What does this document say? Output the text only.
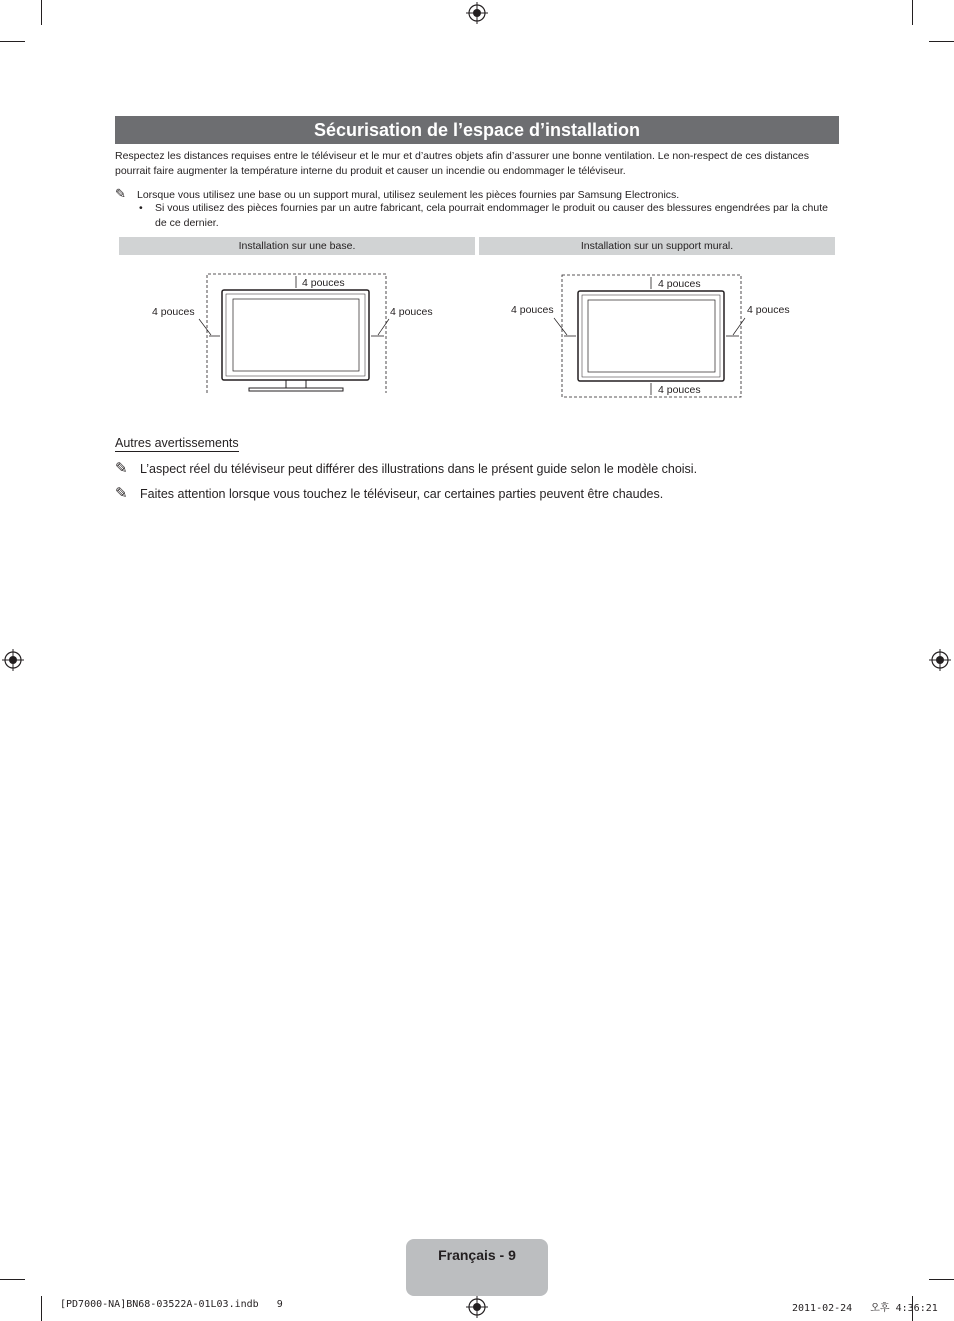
Sécurisation de l’espace d’installation
Respectez les distances requises entre le téléviseur et le mur et d’autres objets afin d’assurer une bonne ventilation. Le non-respect de ces distances pourrait faire augmenter la température interne du produit et causer un incendie ou endommager le téléviseur.
✎ Lorsque vous utilisez une base ou un support mural, utilisez seulement les pièces fournies par Samsung Electronics.
•	Si vous utilisez des pièces fournies par un autre fabricant, cela pourrait endommager le produit ou causer des blessures engendrées par la chute de ce dernier.
Installation sur une base.	Installation sur un support mural.
4 pouces
4 pouces	4 pouces
4 pouces
4 pouces	4 pouces
4 pouces
Autres avertissements
✎ L’aspect réel du téléviseur peut différer des illustrations dans le présent guide selon le modèle choisi.
✎ Faites attention lorsque vous touchez le téléviseur, car certaines parties peuvent être chaudes.
Français - 9
[PD7000-NA]BN68-03522A-01L03.indb   9	2011-02-24   오후 4:36:21
